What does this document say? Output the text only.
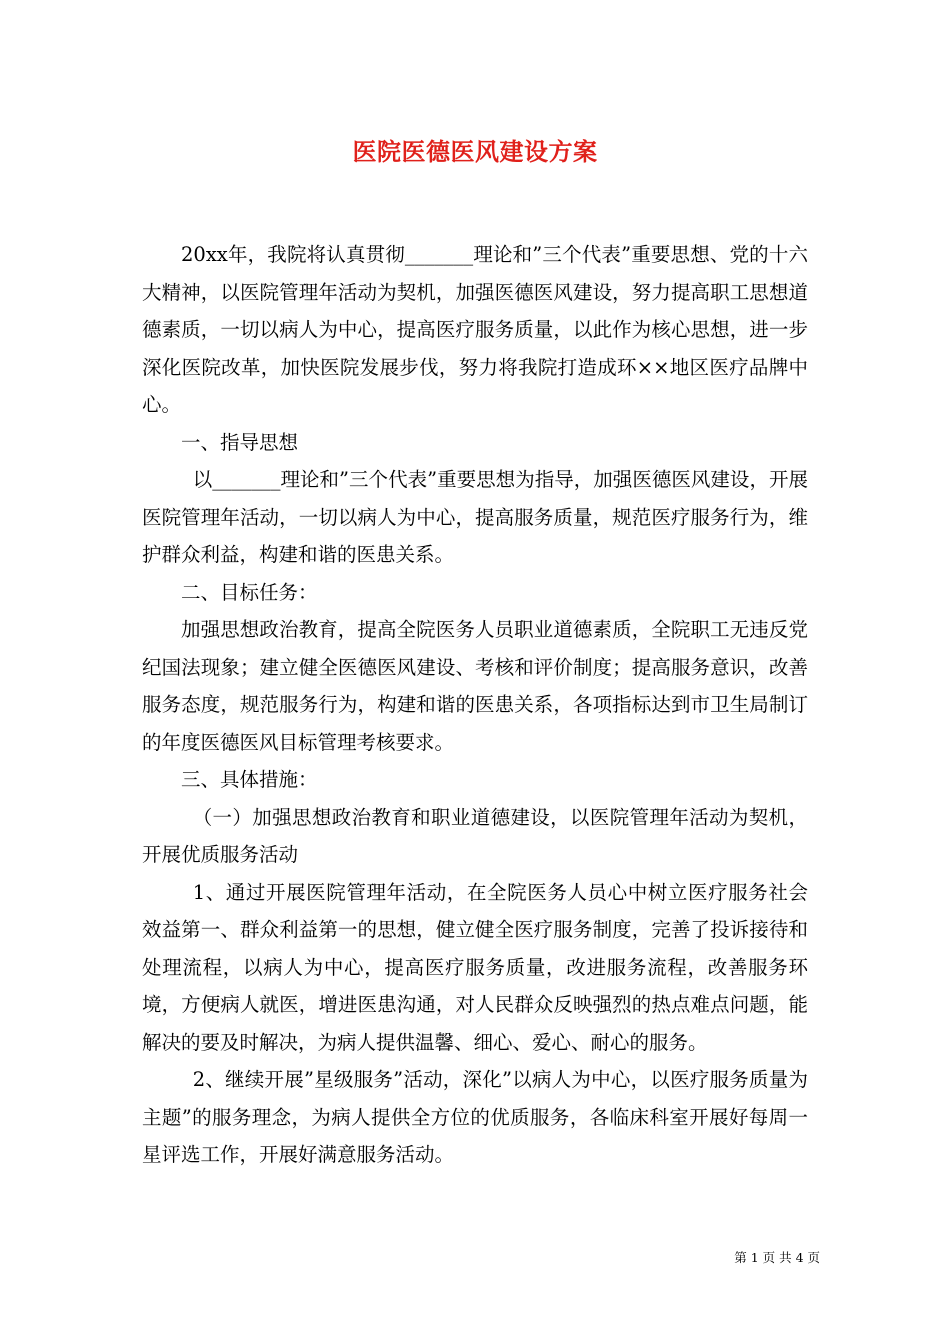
医院医德医风建设方案

20xx年，我院将认真贯彻_______理论和”三个代表”重要思想、党的十六大精神，以医院管理年活动为契机，加强医德医风建设，努力提高职工思想道德素质，一切以病人为中心，提高医疗服务质量，以此作为核心思想，进一步深化医院改革，加快医院发展步伐，努力将我院打造成环××地区医疗品牌中心。

一、指导思想

以_______理论和”三个代表”重要思想为指导，加强医德医风建设，开展医院管理年活动，一切以病人为中心，提高服务质量，规范医疗服务行为，维护群众利益，构建和谐的医患关系。

二、目标任务：

加强思想政治教育，提高全院医务人员职业道德素质，全院职工无违反党纪国法现象；建立健全医德医风建设、考核和评价制度；提高服务意识，改善服务态度，规范服务行为，构建和谐的医患关系，各项指标达到市卫生局制订的年度医德医风目标管理考核要求。

三、具体措施：

（一）加强思想政治教育和职业道德建设，以医院管理年活动为契机，开展优质服务活动

1、通过开展医院管理年活动，在全院医务人员心中树立医疗服务社会效益第一、群众利益第一的思想，健立健全医疗服务制度，完善了投诉接待和处理流程，以病人为中心，提高医疗服务质量，改进服务流程，改善服务环境，方便病人就医，增进医患沟通，对人民群众反映强烈的热点难点问题，能解决的要及时解决，为病人提供温馨、细心、爱心、耐心的服务。

2、继续开展”星级服务”活动，深化”以病人为中心，以医疗服务质量为主题”的服务理念，为病人提供全方位的优质服务，各临床科室开展好每周一星评选工作，开展好满意服务活动。

第 1 页 共 4 页
